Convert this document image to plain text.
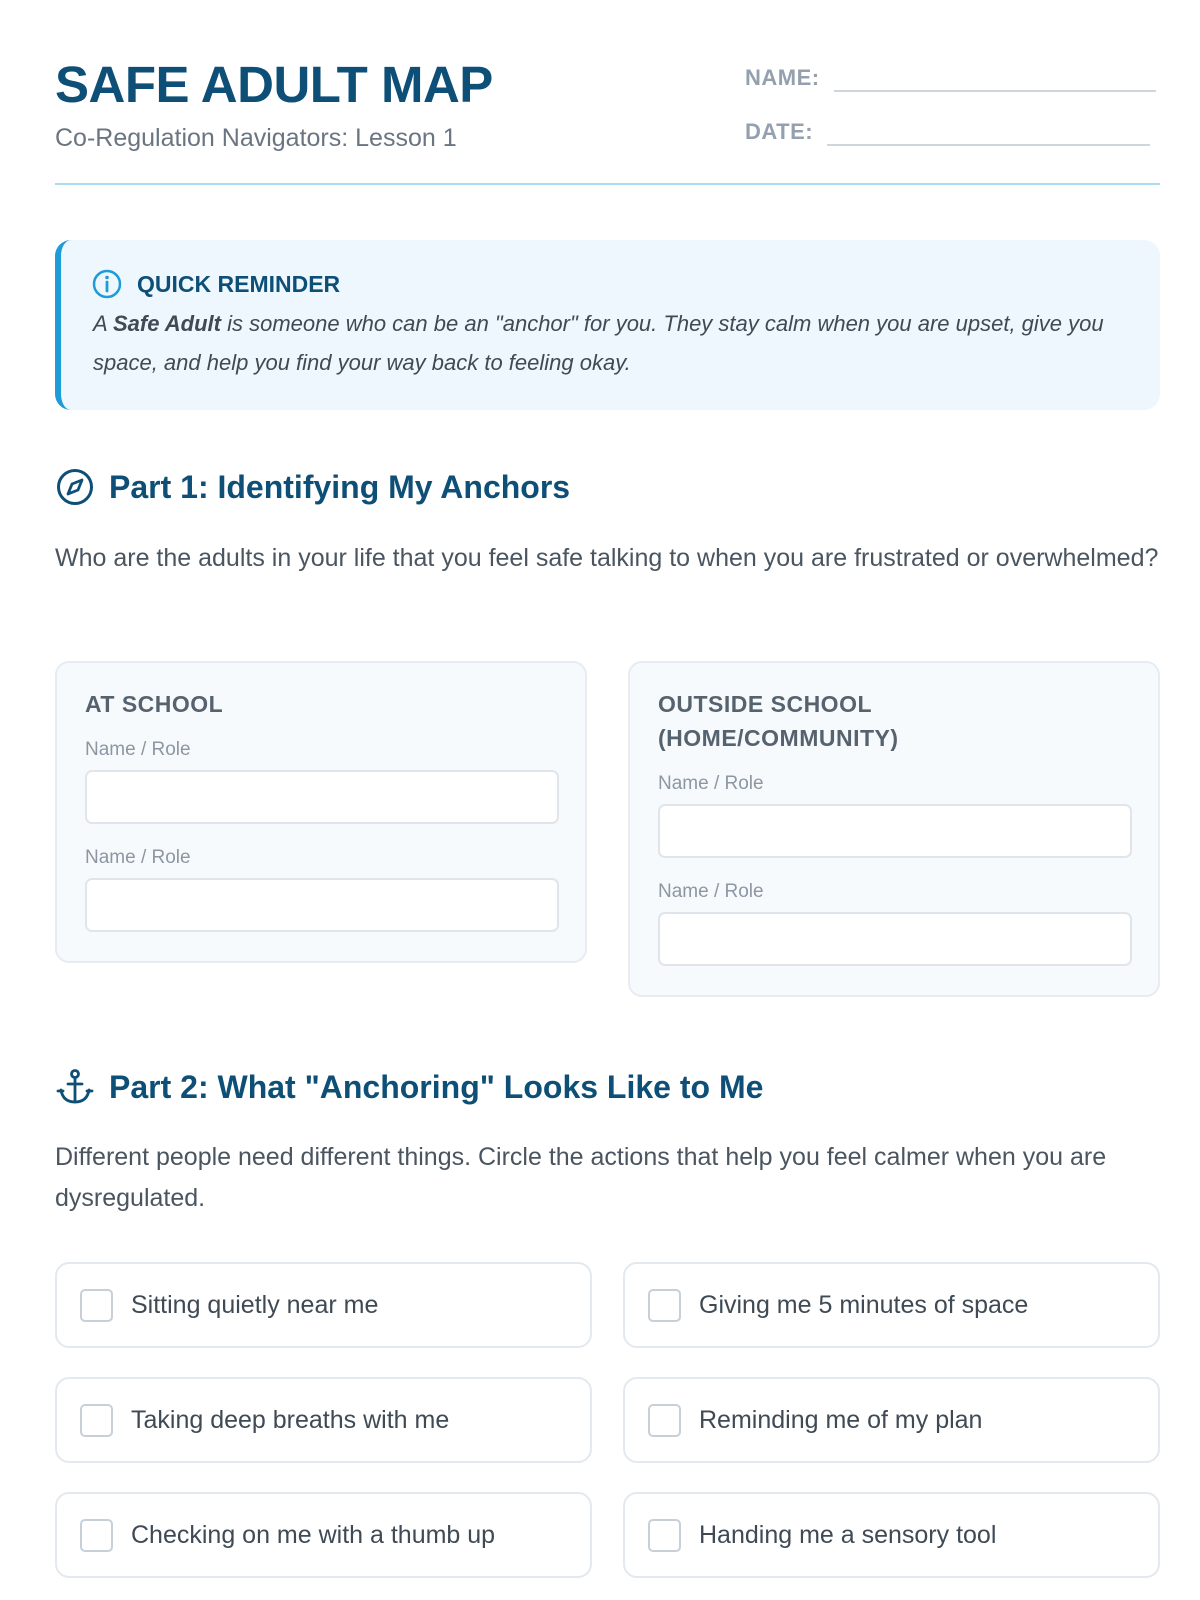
SAFE ADULT MAP
Co-Regulation Navigators: Lesson 1
NAME:
DATE:
QUICK REMINDER
A Safe Adult is someone who can be an "anchor" for you. They stay calm when you are upset, give you space, and help you find your way back to feeling okay.
Part 1: Identifying My Anchors
Who are the adults in your life that you feel safe talking to when you are frustrated or overwhelmed?
AT SCHOOL
Name / Role
Name / Role
OUTSIDE SCHOOL (HOME/COMMUNITY)
Name / Role
Name / Role
Part 2: What "Anchoring" Looks Like to Me
Different people need different things. Circle the actions that help you feel calmer when you are dysregulated.
Sitting quietly near me	Giving me 5 minutes of space
Taking deep breaths with me	Reminding me of my plan
Checking on me with a thumb up	Handing me a sensory tool
